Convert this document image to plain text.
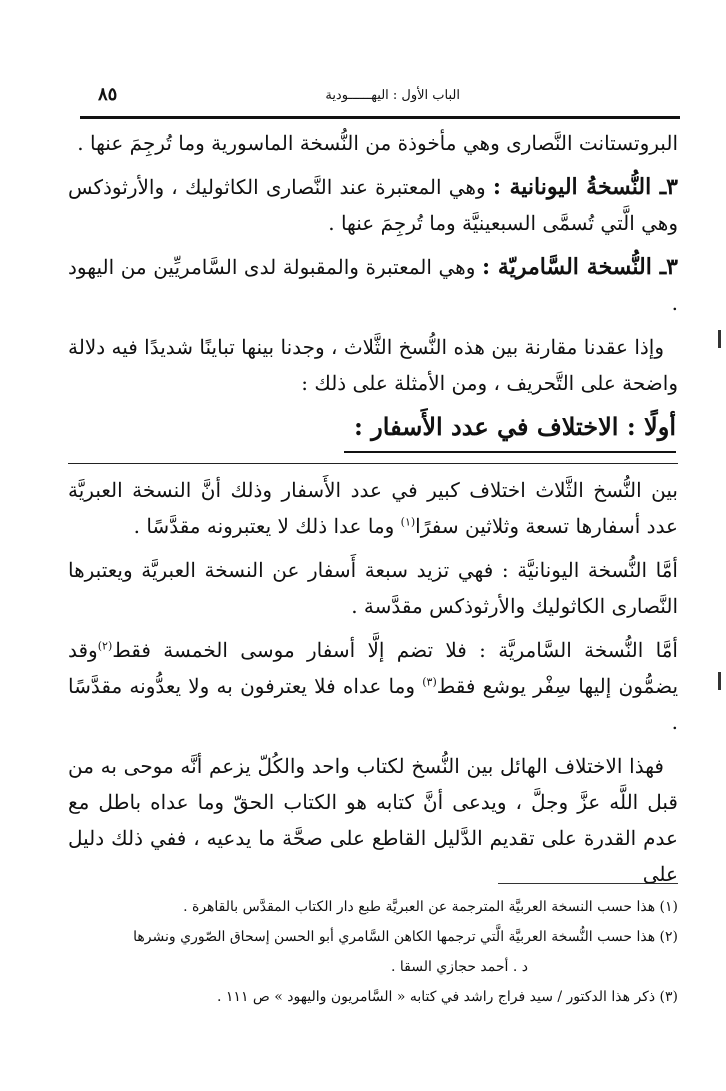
الباب الأول : اليهــــــودية
٨٥

البروتستانت النَّصارى وهي مأخوذة من النُّسخة الماسورية وما تُرجِمَ عنها .

٣ـ النُّسخةُ اليونانية : وهي المعتبرة عند النَّصارى الكاثوليك ، والأرثوذكس وهي الَّتي تُسمَّى السبعينيَّة وما تُرجِمَ عنها .

٣ـ النُّسخة السَّامريّة : وهي المعتبرة والمقبولة لدى السَّامريِّين من اليهود .

وإذا عقدنا مقارنة بين هذه النُّسخ الثَّلاث ، وجدنا بينها تباينًا شديدًا فيه دلالة واضحة على التَّحريف ، ومن الأمثلة على ذلك :

أولًا : الاختلاف في عدد الأَسفار :

بين النُّسخ الثَّلاث اختلاف كبير في عدد الأَسفار وذلك أنَّ النسخة العبريَّة عدد أسفارها تسعة وثلاثين سفرًا$^{(١)}$ وما عدا ذلك لا يعتبرونه مقدَّسًا .

أمَّا النُّسخة اليونانيَّة : فهي تزيد سبعة أَسفار عن النسخة العبريَّة ويعتبرها النَّصارى الكاثوليك والأرثوذكس مقدَّسة .

أمَّا النُّسخة السَّامريَّة : فلا تضم إلَّا أسفار موسى الخمسة فقط$^{(٢)}$وقد يضمُّون إليها سِفْر يوشع فقط$^{(٣)}$ وما عداه فلا يعترفون به ولا يعدُّونه مقدَّسًا .

فهذا الاختلاف الهائل بين النُّسخ لكتاب واحد والكُلّ يزعم أنَّه موحى به من قبل اللَّه عزَّ وجلَّ ، ويدعى أنَّ كتابه هو الكتاب الحقّ وما عداه باطل مع عدم القدرة على تقديم الدَّليل القاطع على صحَّة ما يدعيه ، ففي ذلك دليل على

(١) هذا حسب النسخة العربيَّة المترجمة عن العبريَّة طبع دار الكتاب المقدَّس بالقاهرة .

(٢) هذا حسب النُّسخة العربيَّة الَّتي ترجمها الكاهن السَّامري أبو الحسن إسحاق الصّوري ونشرها

د . أحمد حجازي السقا .

(٣) ذكر هذا الدكتور / سيد فراج راشد في كتابه « السَّامريون واليهود » ص ١١١ .
